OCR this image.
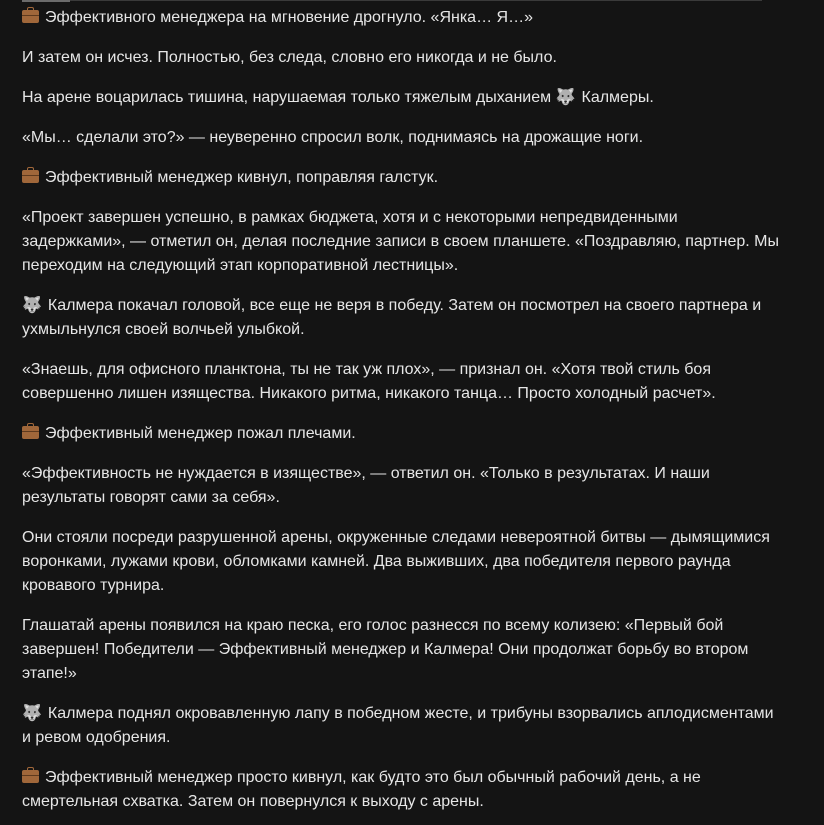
Эффективного менеджера на мгновение дрогнуло. «Янка… Я…»

И затем он исчез. Полностью, без следа, словно его никогда и не было.

На арене воцарилась тишина, нарушаемая только тяжелым дыханием 🐺 Калмеры.

«Мы… сделали это?» — неуверенно спросил волк, поднимаясь на дрожащие ноги.

Эффективный менеджер кивнул, поправляя галстук.

«Проект завершен успешно, в рамках бюджета, хотя и с некоторыми непредвиденными задержками», — отметил он, делая последние записи в своем планшете. «Поздравляю, партнер. Мы переходим на следующий этап корпоративной лестницы».

🐺 Калмера покачал головой, все еще не веря в победу. Затем он посмотрел на своего партнера и ухмыльнулся своей волчьей улыбкой.

«Знаешь, для офисного планктона, ты не так уж плох», — признал он. «Хотя твой стиль боя совершенно лишен изящества. Никакого ритма, никакого танца… Просто холодный расчет».

Эффективный менеджер пожал плечами.

«Эффективность не нуждается в изяществе», — ответил он. «Только в результатах. И наши результаты говорят сами за себя».

Они стояли посреди разрушенной арены, окруженные следами невероятной битвы — дымящимися воронками, лужами крови, обломками камней. Два выживших, два победителя первого раунда кровавого турнира.

Глашатай арены появился на краю песка, его голос разнесся по всему колизею: «Первый бой завершен! Победители — Эффективный менеджер и Калмера! Они продолжат борьбу во втором этапе!»

🐺 Калмера поднял окровавленную лапу в победном жесте, и трибуны взорвались аплодисментами и ревом одобрения.

Эффективный менеджер просто кивнул, как будто это был обычный рабочий день, а не смертельная схватка. Затем он повернулся к выходу с арены.
